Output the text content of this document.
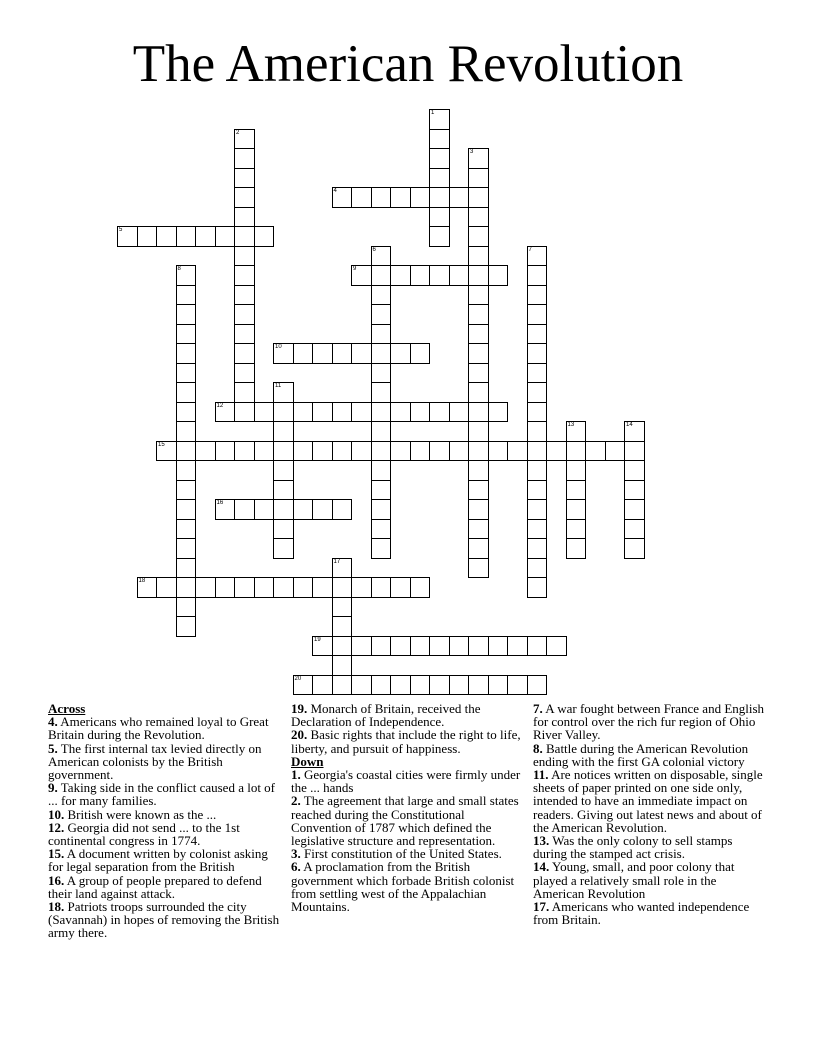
The American Revolution
1
2
3
4
5
6	7
8	9
10
11
12
13	14
15
16
17
18
19
20
Across
4. Americans who remained loyal to Great Britain during the Revolution.
5. The first internal tax levied directly on American colonists by the British government.
9. Taking side in the conflict caused a lot of ... for many families.
10. British were known as the ...
12. Georgia did not send ... to the 1st continental congress in 1774.
15. A document written by colonist asking for legal separation from the British
16. A group of people prepared to defend their land against attack.
18. Patriots troops surrounded the city (Savannah) in hopes of removing the British army there.
19. Monarch of Britain, received the Declaration of Independence.
20. Basic rights that include the right to life, liberty, and pursuit of happiness.
Down
1. Georgia's coastal cities were firmly under the ... hands
2. The agreement that large and small states reached during the Constitutional Convention of 1787 which defined the legislative structure and representation.
3. First constitution of the United States.
6. A proclamation from the British government which forbade British colonist from settling west of the Appalachian Mountains.
7. A war fought between France and English for control over the rich fur region of Ohio River Valley.
8. Battle during the American Revolution ending with the first GA colonial victory
11. Are notices written on disposable, single sheets of paper printed on one side only, intended to have an immediate impact on readers. Giving out latest news and about of the American Revolution.
13. Was the only colony to sell stamps during the stamped act crisis.
14. Young, small, and poor colony that played a relatively small role in the American Revolution
17. Americans who wanted independence from Britain.
